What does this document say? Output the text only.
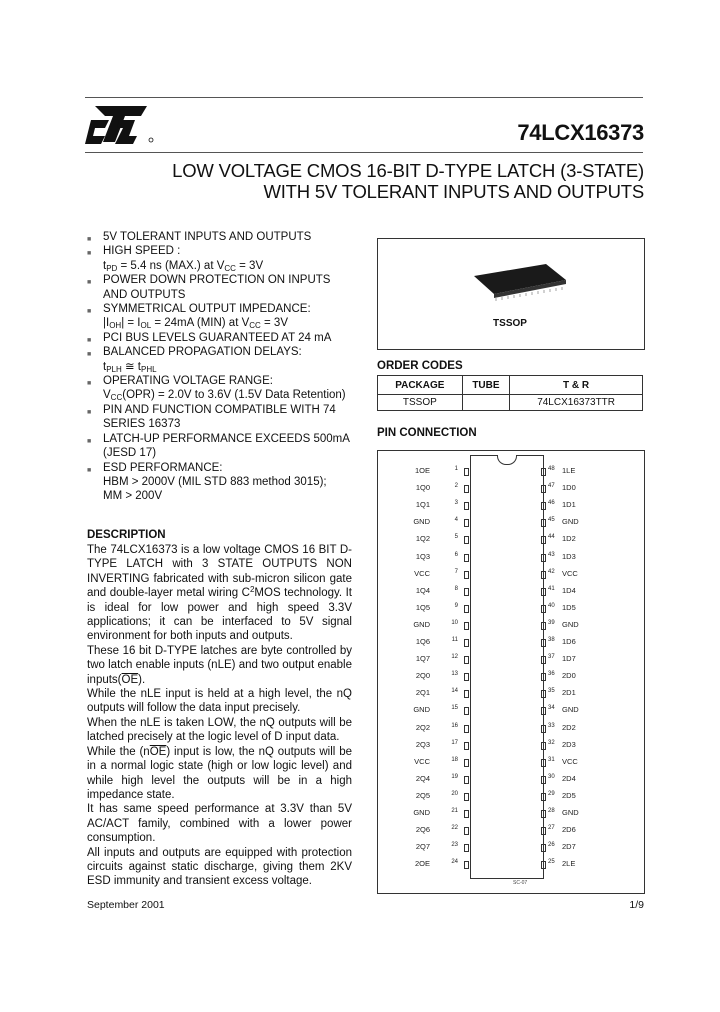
74LCX16373
LOW VOLTAGE CMOS 16-BIT D-TYPE LATCH (3-STATE)
WITH 5V TOLERANT INPUTS AND OUTPUTS
■ 5V TOLERANT INPUTS AND OUTPUTS
■ HIGH SPEED :
$t_{PD} = 5.4$ ns (MAX.) at $V_{CC} = 3V$
■ POWER DOWN PROTECTION ON INPUTS AND OUTPUTS
■ SYMMETRICAL OUTPUT IMPEDANCE:
$|I_{OH}| = I_{OL} = 24mA$ (MIN) at $V_{CC} = 3V$
■ PCI BUS LEVELS GUARANTEED AT 24 mA
■ BALANCED PROPAGATION DELAYS:
$t_{PLH}$ ≅ $t_{PHL}$
■ OPERATING VOLTAGE RANGE:
$V_{CC}(OPR) = 2.0V$ to 3.6V (1.5V Data Retention)
■ PIN AND FUNCTION COMPATIBLE WITH 74 SERIES 16373
■ LATCH-UP PERFORMANCE EXCEEDS 500mA (JESD 17)
■ ESD PERFORMANCE:
HBM > 2000V (MIL STD 883 method 3015);
MM > 200V
DESCRIPTION

The 74LCX16373 is a low voltage CMOS 16 BIT D-TYPE LATCH with 3 STATE OUTPUTS NON INVERTING fabricated with sub-micron silicon gate and double-layer metal wiring $C^2MOS$ technology. It is ideal for low power and high speed 3.3V applications; it can be interfaced to 5V signal environment for both inputs and outputs.

These 16 bit D-TYPE latches are byte controlled by two latch enable inputs (nLE) and two output enable $inputs(\overline{OE})$.

While the nLE input is held at a high level, the nQ outputs will follow the data input precisely.

When the nLE is taken LOW, the nQ outputs will be latched precisely at the logic level of D input data.

While the $(n\overline{OE})$ input is low, the nQ outputs will be in a normal logic state (high or low logic level) and while high level the outputs will be in a high impedance state.

It has same speed performance at 3.3V than 5V AC/ACT family, combined with a lower power consumption.

All inputs and outputs are equipped with protection circuits against static discharge, giving them 2KV ESD immunity and transient excess voltage.

TSSOP
ORDER CODES
PACKAGE	TUBE	T & R
TSSOP		74LCX16373TTR
PIN CONNECTION
1OE	1
1Q0	2
1Q1	3
GND	4
1Q2	5
1Q3	6
VCC	7
1Q4	8
1Q5	9
GND	10
1Q6	11
1Q7	12
2Q0	13
2Q1	14
GND	15
2Q2	16
2Q3	17
VCC	18
2Q4	19
2Q5	20
GND	21
2Q6	22
2Q7	23
2OE	24
48 1LE
47 1D0
46 1D1
45 GND
44 1D2
43 1D3
42 VCC
41 1D4
40 1D5
39 GND
38 1D6
37 1D7
36 2D0
35 2D1
34 GND
33 2D2
32 2D3
31 VCC
30 2D4
29 2D5
28 GND
27 2D6
26 2D7
25 2LE
SC-07
September 2001	1/9
